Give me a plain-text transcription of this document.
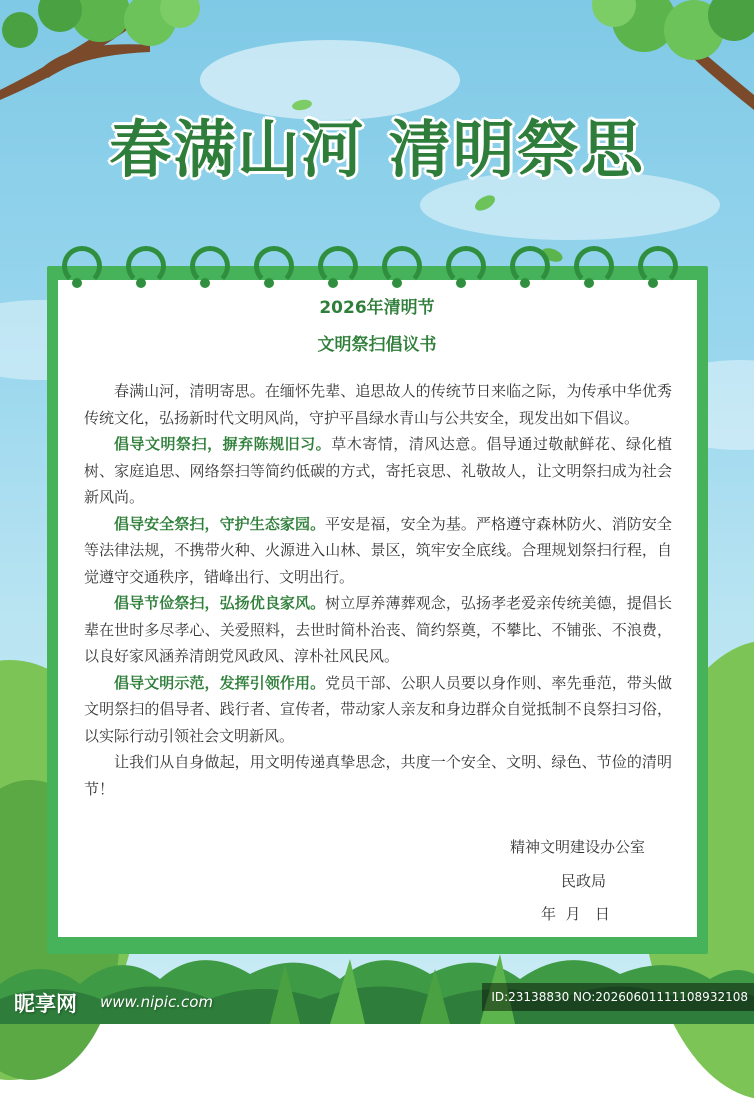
春满山河 清明祭思
2026年清明节
文明祭扫倡议书

春满山河，清明寄思。在缅怀先辈、追思故人的传统节日来临之际，为传承中华优秀传统文化，弘扬新时代文明风尚，守护平昌绿水青山与公共安全，现发出如下倡议。

倡导文明祭扫，摒弃陈规旧习。草木寄情，清风达意。倡导通过敬献鲜花、绿化植树、家庭追思、网络祭扫等简约低碳的方式，寄托哀思、礼敬故人，让文明祭扫成为社会新风尚。

倡导安全祭扫，守护生态家园。平安是福，安全为基。严格遵守森林防火、消防安全等法律法规，不携带火种、火源进入山林、景区，筑牢安全底线。合理规划祭扫行程，自觉遵守交通秩序，错峰出行、文明出行。

倡导节俭祭扫，弘扬优良家风。树立厚养薄葬观念，弘扬孝老爱亲传统美德，提倡长辈在世时多尽孝心、关爱照料，去世时简朴治丧、简约祭奠，不攀比、不铺张、不浪费，以良好家风涵养清朗党风政风、淳朴社风民风。

倡导文明示范，发挥引领作用。党员干部、公职人员要以身作则、率先垂范，带头做文明祭扫的倡导者、践行者、宣传者，带动家人亲友和身边群众自觉抵制不良祭扫习俗，以实际行动引领社会文明新风。

让我们从自身做起，用文明传递真挚思念，共度一个安全、文明、绿色、节俭的清明节！

精神文明建设办公室
民政局
年  月   日
昵享网 www.nipic.com	ID:23138830 NO:20260601111108932108
